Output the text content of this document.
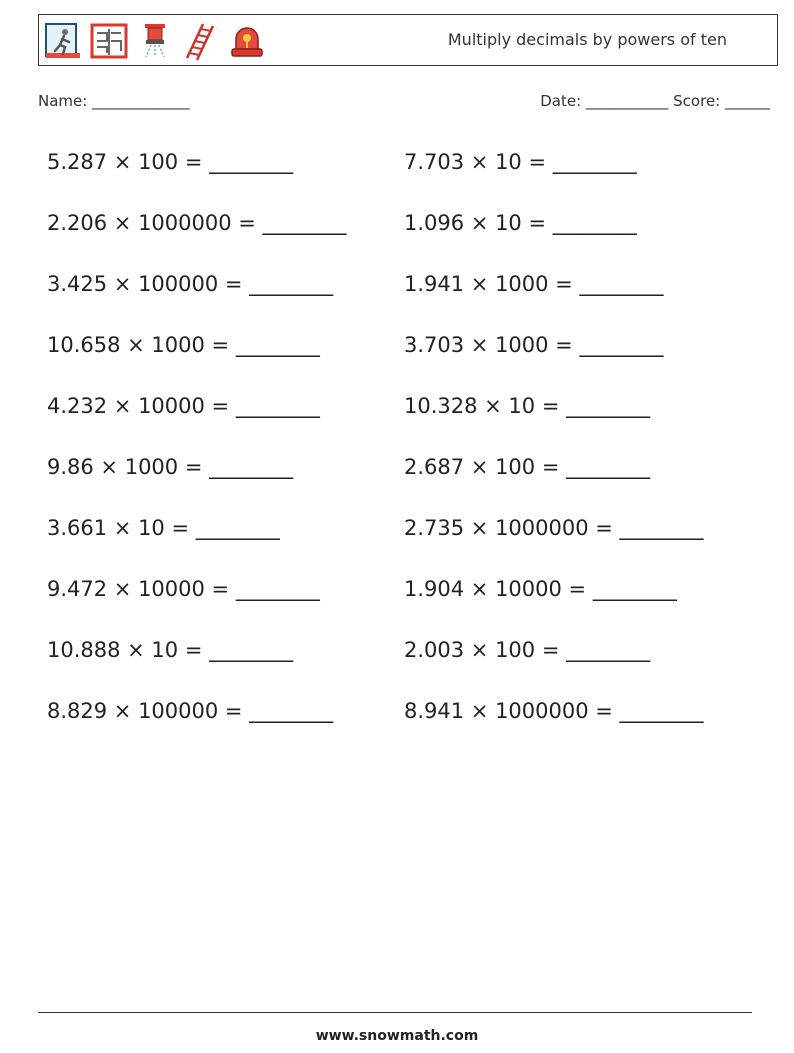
Multiply decimals by powers of ten
Name: _____________	Date: ___________ Score: ______
5.287 × 100 = ________	7.703 × 10 = ________
2.206 × 1000000 = ________	1.096 × 10 = ________
3.425 × 100000 = ________	1.941 × 1000 = ________
10.658 × 1000 = ________	3.703 × 1000 = ________
4.232 × 10000 = ________	10.328 × 10 = ________
9.86 × 1000 = ________	2.687 × 100 = ________
3.661 × 10 = ________	2.735 × 1000000 = ________
9.472 × 10000 = ________	1.904 × 10000 = ________
10.888 × 10 = ________	2.003 × 100 = ________
8.829 × 100000 = ________	8.941 × 1000000 = ________
www.snowmath.com
